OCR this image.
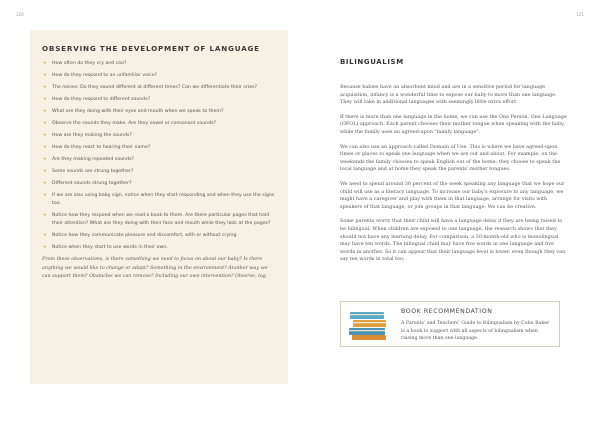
120	121
OBSERVING THE DEVELOPMENT OF LANGUAGE
• How often do they cry and coo?
• How do they respond to an unfamiliar voice?
• The noises: Do they sound different at different times? Can we differentiate their cries?
• How do they respond to different sounds?
• What are they doing with their eyes and mouth when we speak to them?
• Observe the sounds they make. Are they vowel or consonant sounds?
• How are they making the sounds?
• How do they react to hearing their name?
• Are they making repeated sounds?
• Some sounds are strung together?
• Different sounds strung together?
• If we are also using baby sign, notice when they start responding and when they use the signs too.
• Notice how they respond when we read a book to them. Are there particular pages that hold their attention? What are they doing with their face and mouth while they look at the pages?
• Notice how they communicate pleasure and discomfort, with or without crying.
• Notice when they start to use words in their own.

From these observations, is there something we need to focus on about our baby? Is there anything we would like to change or adapt? Something in the environment? Another way we can support them? Obstacles we can remove? Including our own intervention? Observe, log.

BILINGUALISM

Because babies have an absorbent mind and are in a sensitive period for language acquisition, infancy is a wonderful time to expose our baby to more than one language. They will take in additional languages with seemingly little extra effort.

If there is more than one language in the home, we can use the One Person, One Language (OPOL) approach. Each parent chooses their mother tongue when speaking with the baby, while the family uses an agreed-upon "family language".

We can also use an approach called Domain of Use. This is where we have agreed-upon times or places to speak one language when we are out and about. For example, on the weekends the family chooses to speak English out of the home; they choose to speak the local language and at home they speak the parents' mother tongues.

We need to spend around 30 percent of the week speaking any language that we hope our child will use as a literacy language. To increase our baby's exposure to any language, we might have a caregiver and play with them in that language, arrange for visits with speakers of that language, or join groups in that language. We can be creative.

Some parents worry that their child will have a language delay if they are being raised to be bilingual. When children are exposed to one language, the research shows that they should not have any learning delay. For comparison, a 30-month-old who is monolingual may have ten words. The bilingual child may have five words in one language and five words in another. So it can appear that their language level is lower, even though they can say ten words in total too.

BOOK RECOMMENDATION
A Parents' and Teachers' Guide to Bilingualism by Colin Baker is a book to support with all aspects of bilingualism when raising more than one language.
